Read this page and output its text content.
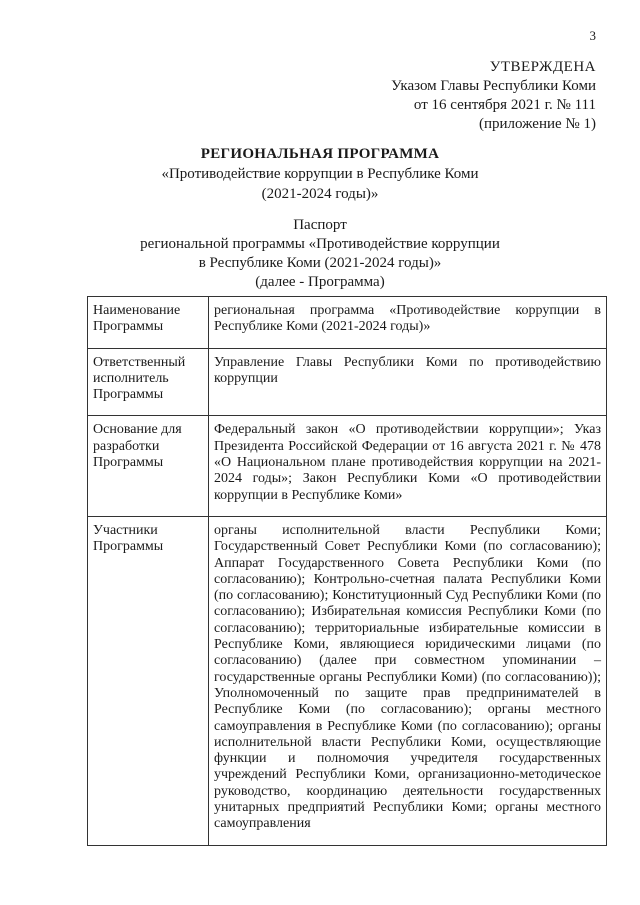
3
УТВЕРЖДЕНА
Указом Главы Республики Коми
от 16 сентября 2021 г. № 111
(приложение № 1)
РЕГИОНАЛЬНАЯ ПРОГРАММА
«Противодействие коррупции в Республике Коми
(2021-2024 годы)»
Паспорт
региональной программы «Противодействие коррупции
в Республике Коми (2021-2024 годы)»
(далее - Программа)
Наименование Программы	региональная программа «Противодействие коррупции в Республике Коми (2021-2024 годы)»
Ответственный исполнитель Программы	Управление Главы Республики Коми по противодействию коррупции
Основание для разработки Программы	Федеральный закон «О противодействии коррупции»; Указ Президента Российской Федерации от 16 августа 2021 г. № 478 «О Национальном плане противодействия коррупции на 2021-2024 годы»; Закон Республики Коми «О противодействии коррупции в Республике Коми»
Участники Программы	органы исполнительной власти Республики Коми; Государственный Совет Республики Коми (по согласованию); Аппарат Государственного Совета Республики Коми (по согласованию); Контрольно-счетная палата Республики Коми (по согласованию); Конституционный Суд Республики Коми (по согласованию); Избирательная комиссия Республики Коми (по согласованию); территориальные избирательные комиссии в Республике Коми, являющиеся юридическими лицами (по согласованию) (далее при совместном упоминании – государственные органы Республики Коми) (по согласованию)); Уполномоченный по защите прав предпринимателей в Республике Коми (по согласованию); органы местного самоуправления в Республике Коми (по согласованию); органы исполнительной власти Республики Коми, осуществляющие функции и полномочия учредителя государственных учреждений Республики Коми, организационно-методическое руководство, координацию деятельности государственных унитарных предприятий Республики Коми; органы местного самоуправления
